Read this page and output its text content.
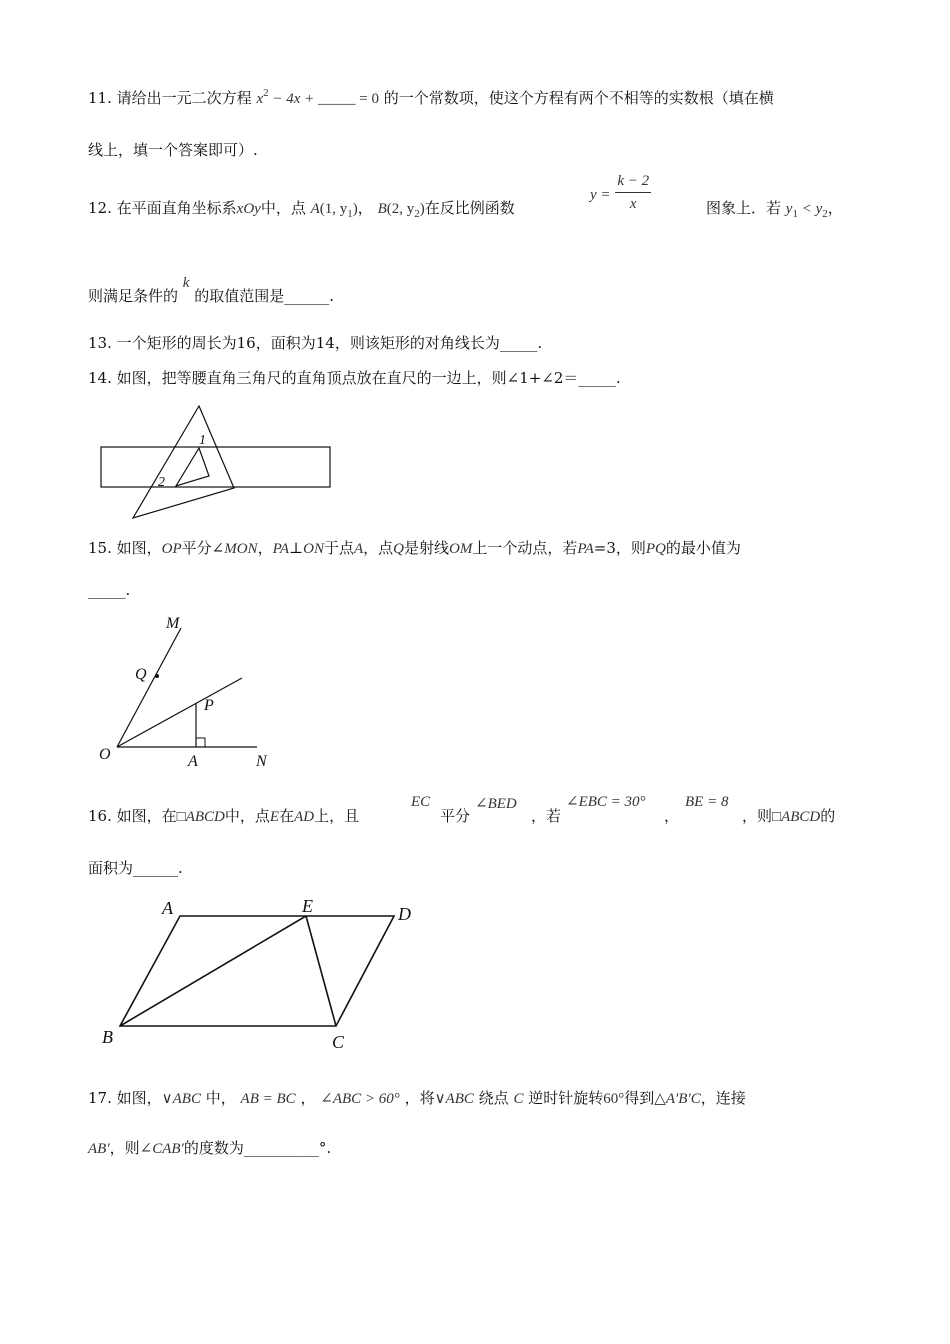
11. 请给出一元二次方程 $x^2 - 4x$ + _____ = 0 的一个常数项，使这个方程有两个不相等的实数根（填在横
线上，填一个答案即可）.
12. 在平面直角坐标系xOy中，点 A(1, $y_1$)， B(2, $y_2$)在反比例函数
$y = \frac{k - 2}{x}$	图象上．若 $y_1 < y_2$，
则满足条件的 k 的取值范围是______.
13. 一个矩形的周长为16，面积为14，则该矩形的对角线长为_____.
14. 如图，把等腰直角三角尺的直角顶点放在直尺的一边上，则∠1+∠2＝_____.
1
2
15. 如图，OP平分∠MON，PA⊥ON于点A，点Q是射线OM上一个动点，若PA=3，则PQ的最小值为
_____.
M
Q
P
O	A	N
16. 如图，在□ABCD中，点E在AD上，且
EC
平分
∠BED
，若
∠EBC = 30°
，
BE = 8
，则□ABCD的
面积为______.
A	E	D
B	C
17. 如图，∨ABC 中， AB = BC ， ∠ABC > 60° ，将∨ABC 绕点 C 逆时针旋转60°得到△A′B′C，连接
AB′，则∠CAB′的度数为__________°.
